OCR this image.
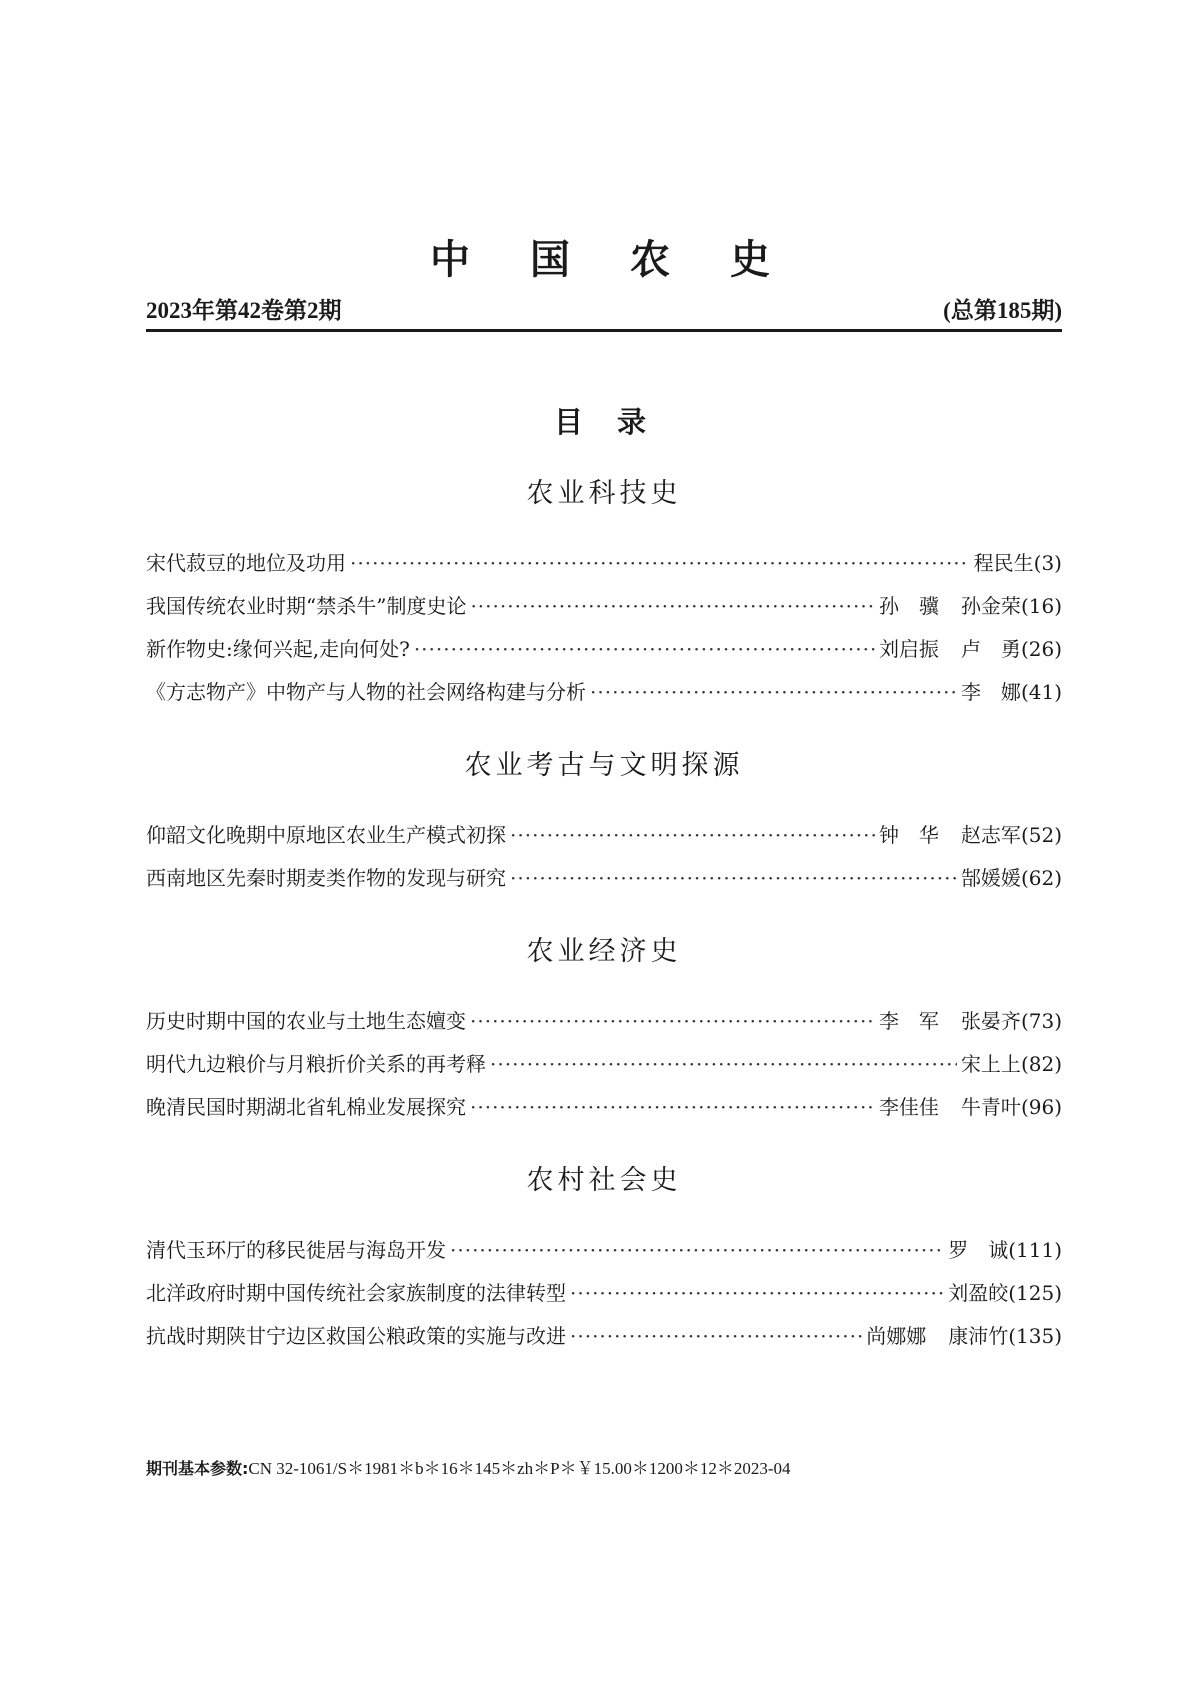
中国农史
2023年第42卷第2期	(总第185期)
目录
农业科技史
宋代菽豆的地位及功用 ·····	程民生(3)
我国传统农业时期“禁杀牛”制度史论 ·····	孙　骥 孙金荣(16)
新作物史:缘何兴起,走向何处? ·····	刘启振 卢　勇(26)
《方志物产》中物产与人物的社会网络构建与分析 ·····	李　娜(41)
农业考古与文明探源
仰韶文化晚期中原地区农业生产模式初探 ·····	钟　华 赵志军(52)
西南地区先秦时期麦类作物的发现与研究 ·····	郜媛媛(62)
农业经济史
历史时期中国的农业与土地生态嬗变 ·····	李　军 张晏齐(73)
明代九边粮价与月粮折价关系的再考释 ·····	宋上上(82)
晚清民国时期湖北省轧棉业发展探究 ·····	李佳佳 牛青叶(96)
农村社会史
清代玉环厅的移民徙居与海岛开发 ·····	罗　诚(111)
北洋政府时期中国传统社会家族制度的法律转型 ·····	刘盈皎(125)
抗战时期陕甘宁边区救国公粮政策的实施与改进 ·····	尚娜娜 康沛竹(135)
期刊基本参数:CN 32-1061/S＊1981＊b＊16＊145＊zh＊P＊￥15.00＊1200＊12＊2023-04
